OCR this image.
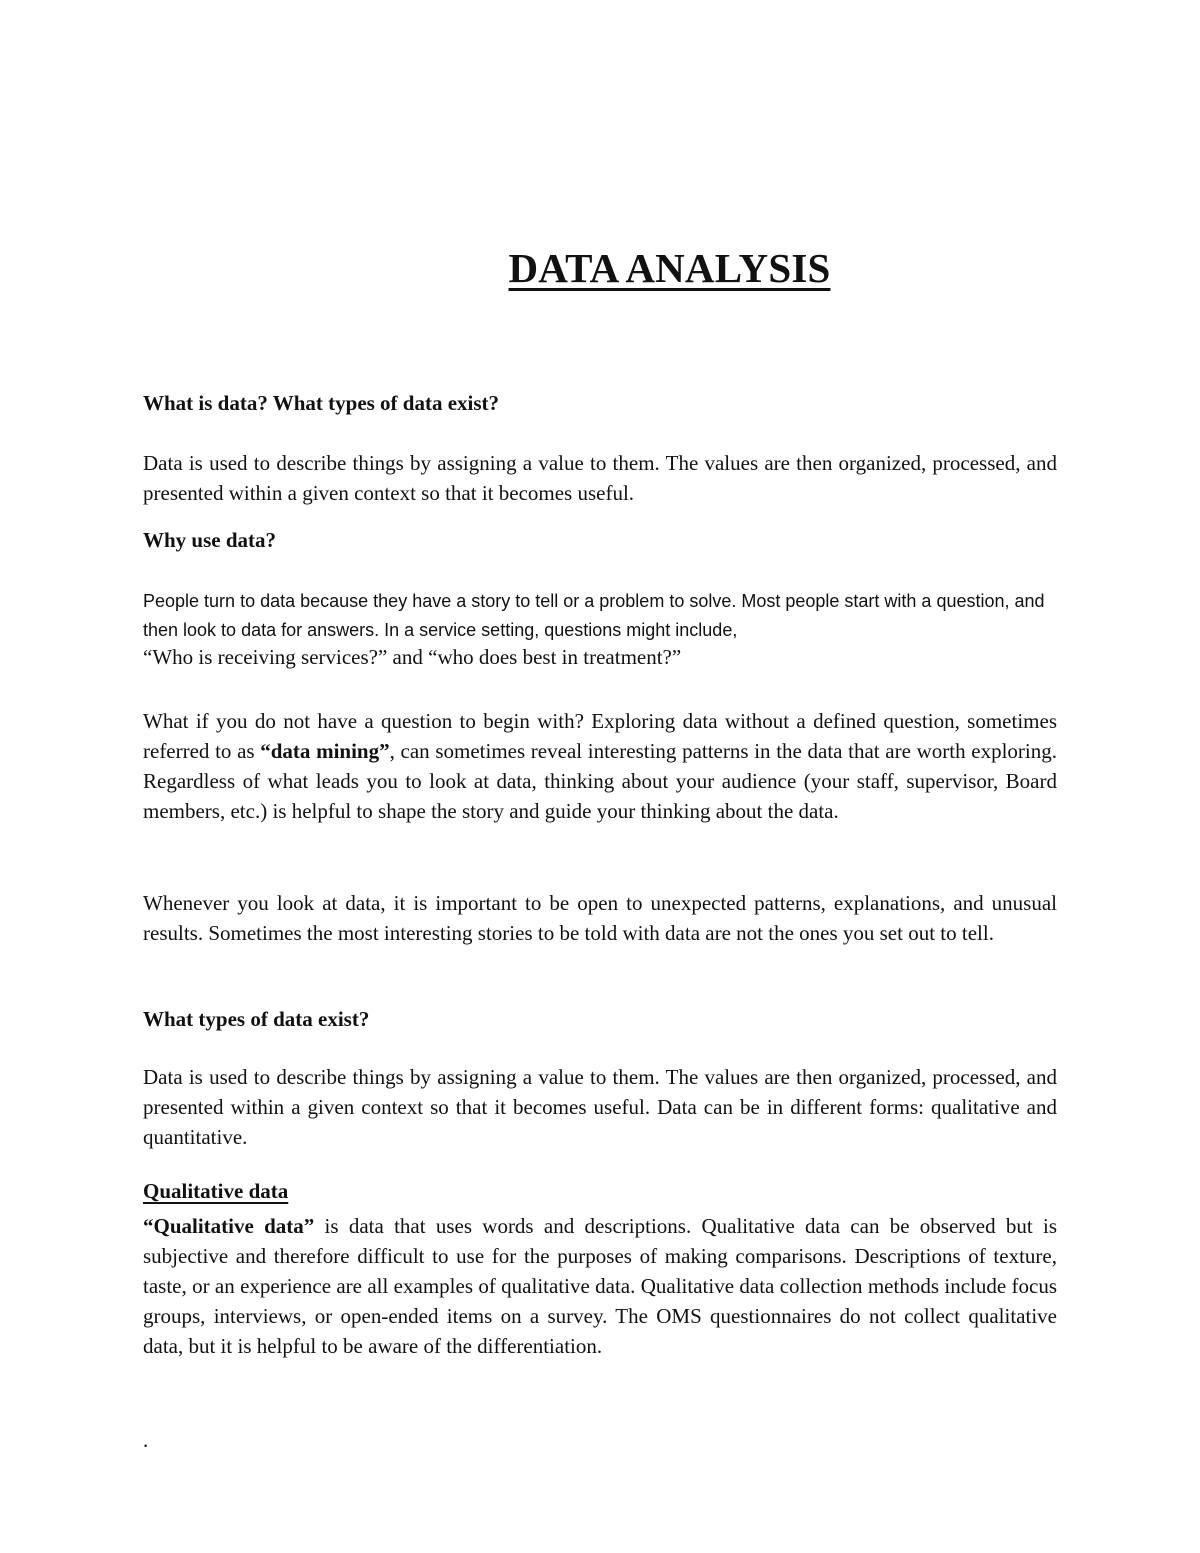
DATA ANALYSIS
What is data? What types of data exist?
Data is used to describe things by assigning a value to them. The values are then organized, processed, and presented within a given context so that it becomes useful.
Why use data?
People turn to data because they have a story to tell or a problem to solve. Most people start with a question, and then look to data for answers. In a service setting, questions might include,
“Who is receiving services?” and “who does best in treatment?”
What if you do not have a question to begin with? Exploring data without a defined question, sometimes referred to as “data mining”, can sometimes reveal interesting patterns in the data that are worth exploring. Regardless of what leads you to look at data, thinking about your audience (your staff, supervisor, Board members, etc.) is helpful to shape the story and guide your thinking about the data.
Whenever you look at data, it is important to be open to unexpected patterns, explanations, and unusual results. Sometimes the most interesting stories to be told with data are not the ones you set out to tell.
What types of data exist?
Data is used to describe things by assigning a value to them. The values are then organized, processed, and presented within a given context so that it becomes useful. Data can be in different forms: qualitative and quantitative.
Qualitative data
“Qualitative data” is data that uses words and descriptions. Qualitative data can be observed but is subjective and therefore difficult to use for the purposes of making comparisons. Descriptions of texture, taste, or an experience are all examples of qualitative data. Qualitative data collection methods include focus groups, interviews, or open-ended items on a survey. The OMS questionnaires do not collect qualitative data, but it is helpful to be aware of the differentiation.
.
